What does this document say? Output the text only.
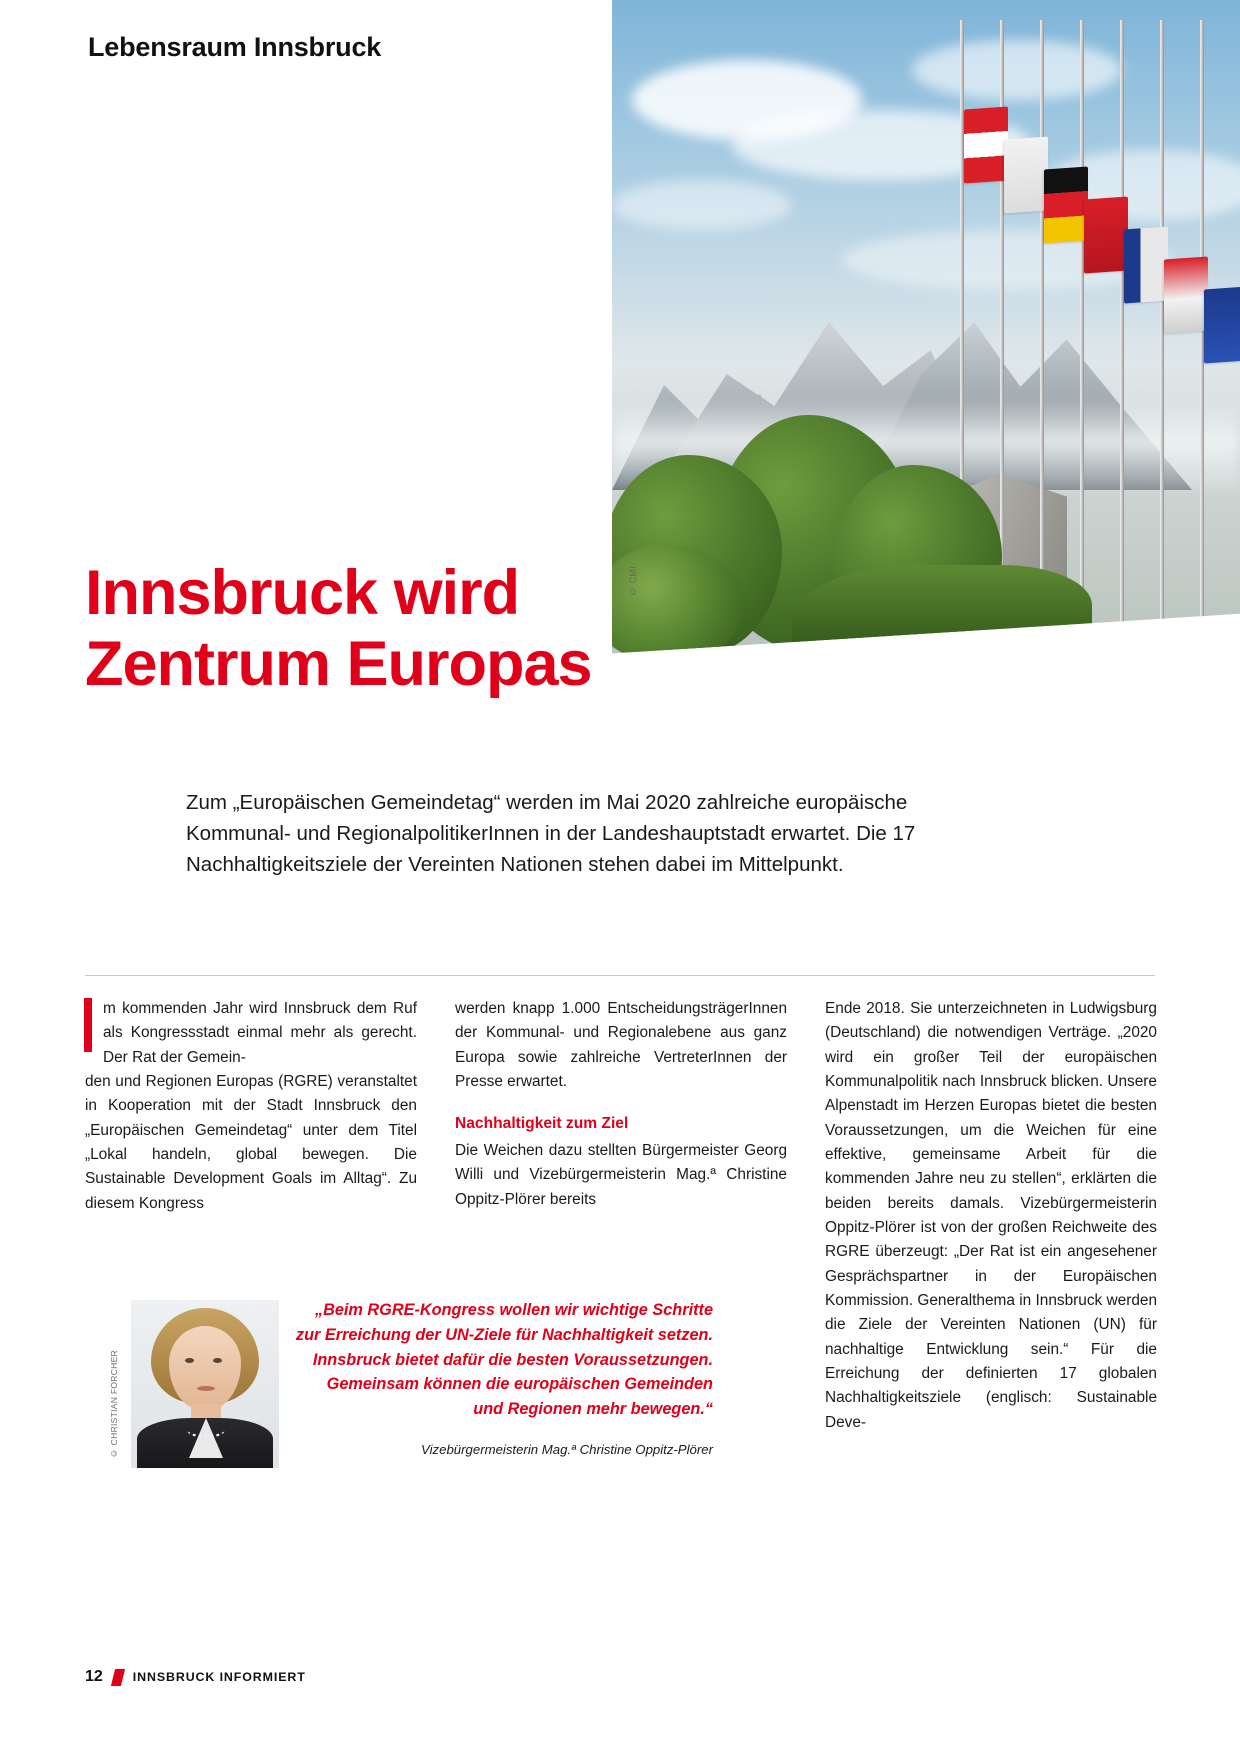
© CMI
Lebensraum Innsbruck
Innsbruck wird Zentrum Europas
Zum „Europäischen Gemeindetag“ werden im Mai 2020 zahlreiche europäische Kommunal- und RegionalpolitikerInnen in der Landeshauptstadt erwartet. Die 17 Nachhaltigkeitsziele der Vereinten Nationen stehen dabei im Mittelpunkt.

m kommenden Jahr wird Innsbruck dem Ruf als Kongressstadt einmal mehr als gerecht. Der Rat der Gemein-

den und Regionen Europas (RGRE) veranstaltet in Kooperation mit der Stadt Innsbruck den „Europäischen Gemeindetag“ unter dem Titel „Lokal handeln, global bewegen. Die Sustainable Development Goals im Alltag“. Zu diesem Kongress

werden knapp 1.000 EntscheidungsträgerInnen der Kommunal- und Regionalebene aus ganz Europa sowie zahlreiche VertreterInnen der Presse erwartet.

Nachhaltigkeit zum Ziel

Die Weichen dazu stellten Bürgermeister Georg Willi und Vizebürgermeisterin Mag.ª Christine Oppitz-Plörer bereits

Ende 2018. Sie unterzeichneten in Ludwigsburg (Deutschland) die notwendigen Verträge. „2020 wird ein großer Teil der europäischen Kommunalpolitik nach Innsbruck blicken. Unsere Alpenstadt im Herzen Europas bietet die besten Voraussetzungen, um die Weichen für eine effektive, gemeinsame Arbeit für die kommenden Jahre neu zu stellen“, erklärten die beiden bereits damals. Vizebürgermeisterin Oppitz-Plörer ist von der großen Reichweite des RGRE überzeugt: „Der Rat ist ein angesehener Gesprächspartner in der Europäischen Kommission. Generalthema in Innsbruck werden die Ziele der Vereinten Nationen (UN) für nachhaltige Entwicklung sein.“ Für die Erreichung der definierten 17 globalen Nachhaltigkeitsziele (englisch: Sustainable Deve-

© CHRISTIAN FORCHER
„Beim RGRE-Kongress wollen wir wichtige Schritte zur Erreichung der UN-Ziele für Nachhaltigkeit setzen. Innsbruck bietet dafür die besten Voraussetzungen. Gemeinsam können die europäischen Gemeinden und Regionen mehr bewegen.“
Vizebürgermeisterin Mag.ª Christine Oppitz-Plörer
12 INNSBRUCK INFORMIERT
